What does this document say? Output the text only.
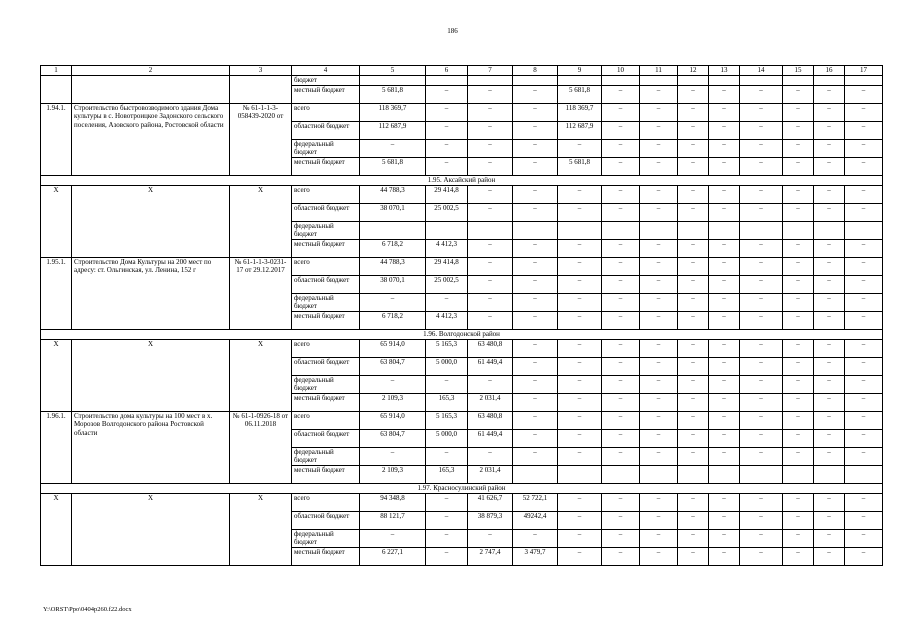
186
1	2	3	4	5	6	7	8	9	10	11	12	13	14	15	16	17
			бюджет													
			местный бюджет	5 681,8	–	–	–	5 681,8	–	–	–	–	–	–	–	–
1.94.1.	Строительство быстровозводимого здания Дома культуры в с. Новотроицкое Задонского сельского поселения, Азовского района, Ростовской области	№ 61-1-1-3-058439-2020 от	всего	118 369,7	–	–	–	118 369,7	–	–	–	–	–	–	–	–
			областной бюджет	112 687,9	–	–	–	112 687,9	–	–	–	–	–	–	–	–
			федеральный бюджет	–	–	–	–	–	–	–	–	–	–	–	–	–
			местный бюджет	5 681,8	–	–	–	5 681,8	–	–	–	–	–	–	–	–
1.95. Аксайский район																
Х	Х	Х	всего	44 788,3	29 414,8	–	–	–	–	–	–	–	–	–	–	–
			областной бюджет	38 070,1	25 002,5	–	–	–	–	–	–	–	–	–	–	–
			федеральный бюджет													
			местный бюджет	6 718,2	4 412,3	–	–	–	–	–	–	–	–	–	–	–
1.95.1.	Строительство Дома Культуры на 200 мест по адресу: ст. Ольгинская, ул. Ленина, 152 г	№ 61-1-1-3-0231-17 от 29.12.2017	всего	44 788,3	29 414,8	–	–	–	–	–	–	–	–	–	–	–
			областной бюджет	38 070,1	25 002,5	–	–	–	–	–	–	–	–	–	–	–
			федеральный бюджет	–	–	–	–	–	–	–	–	–	–	–	–	–
			местный бюджет	6 718,2	4 412,3	–	–	–	–	–	–	–	–	–	–	–
1.96. Волгодонской район																
Х	Х	Х	всего	65 914,0	5 165,3	63 480,8	–	–	–	–	–	–	–	–	–	–
			областной бюджет	63 804,7	5 000,0	61 449,4	–	–	–	–	–	–	–	–	–	–
			федеральный бюджет	–	–	–	–	–	–	–	–	–	–	–	–	–
			местный бюджет	2 109,3	165,3	2 031,4	–	–	–	–	–	–	–	–	–	–
1.96.1.	Строительство дома культуры на 100 мест в х. Морозов Волгодонского района Ростовской области	№ 61-1-0926-18 от 06.11.2018	всего	65 914,0	5 165,3	63 480,8	–	–	–	–	–	–	–	–	–	–
			областной бюджет	63 804,7	5 000,0	61 449,4	–	–	–	–	–	–	–	–	–	–
			федеральный бюджет	–	–	–	–	–	–	–	–	–	–	–	–	–
			местный бюджет	2 109,3	165,3	2 031,4										
1.97. Красносулинский район																
Х	Х	Х	всего	94 348,8	–	41 626,7	52 722,1	–	–	–	–	–	–	–	–	–
			областной бюджет	88 121,7	–	38 879,3	49242,4	–	–	–	–	–	–	–	–	–
			федеральный бюджет	–	–	–	–	–	–	–	–	–	–	–	–	–
			местный бюджет	6 227,1	–	2 747,4	3 479,7	–	–	–	–	–	–	–	–	–
Y:\ORST\Ppo\0404p260.f22.docx
